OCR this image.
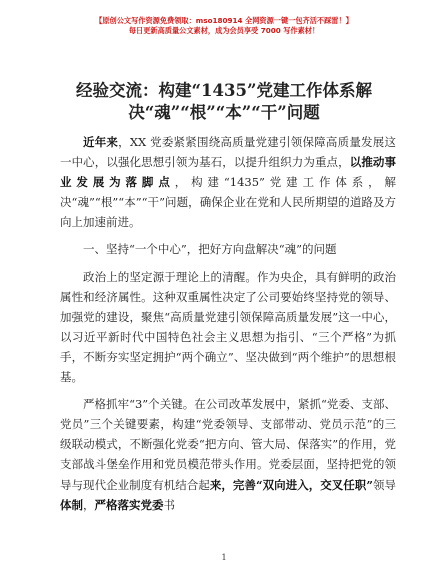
【原创公文写作资源免费领取：mso180914 全网资源一键一包齐活不踩雷！】
每日更新高质量公文素材，成为会员享受 7000 写作素材！
经验交流：构建“1435”党建工作体系解
决“魂”“根”“本”“干”问题

近年来，XX 党委紧紧围绕高质量党建引领保障高质量发展这一中心，以强化思想引领为基石，以提升组织力为重点，以推动事业发展为落脚点，构建“1435”党建工作体系，解决“魂”“根”“本”“干”问题，确保企业在党和人民所期望的道路及方向上加速前进。

一、坚持“一个中心”，把好方向盘解决“魂”的问题

政治上的坚定源于理论上的清醒。作为央企，具有鲜明的政治属性和经济属性。这种双重属性决定了公司要始终坚持党的领导、加强党的建设，聚焦“高质量党建引领保障高质量发展”这一中心，以习近平新时代中国特色社会主义思想为指引、“三个严格”为抓手，不断夯实坚定拥护“两个确立”、坚决做到“两个维护”的思想根基。

严格抓牢“3”个关键。在公司改革发展中，紧抓“党委、支部、党员”三个关键要素，构建“党委领导、支部带动、党员示范”的三级联动模式，不断强化党委“把方向、管大局、保落实”的作用，党支部战斗堡垒作用和党员模范带头作用。党委层面，坚持把党的领导与现代企业制度有机结合起来，完善“双向进入，交叉任职”领导体制，严格落实党委书

1
